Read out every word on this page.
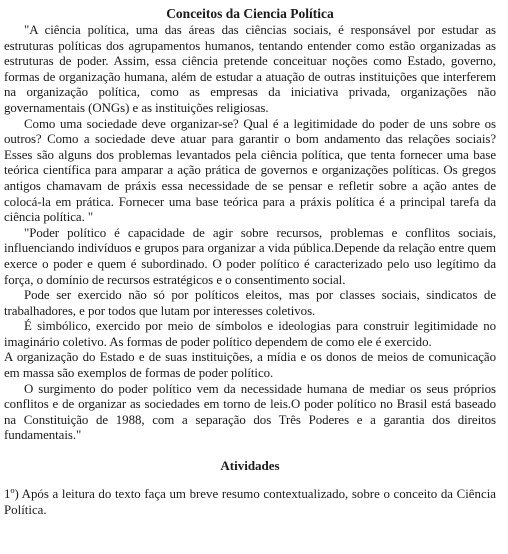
Conceitos da Ciencia Política

"A ciência política, uma das áreas das ciências sociais, é responsável por estudar as estruturas políticas dos agrupamentos humanos, tentando entender como estão organizadas as estruturas de poder. Assim, essa ciência pretende conceituar noções como Estado, governo, formas de organização humana, além de estudar a atuação de outras instituições que interferem na organização política, como as empresas da iniciativa privada, organizações não governamentais (ONGs) e as instituições religiosas.

Como uma sociedade deve organizar-se? Qual é a legitimidade do poder de uns sobre os outros? Como a sociedade deve atuar para garantir o bom andamento das relações sociais? Esses são alguns dos problemas levantados pela ciência política, que tenta fornecer uma base teórica científica para amparar a ação prática de governos e organizações políticas. Os gregos antigos chamavam de práxis essa necessidade de se pensar e refletir sobre a ação antes de colocá-la em prática. Fornecer uma base teórica para a práxis política é a principal tarefa da ciência política. "

"Poder político é capacidade de agir sobre recursos, problemas e conflitos sociais, influenciando indivíduos e grupos para organizar a vida pública.Depende da relação entre quem exerce o poder e quem é subordinado. O poder político é caracterizado pelo uso legítimo da força, o domínio de recursos estratégicos e o consentimento social.

Pode ser exercido não só por políticos eleitos, mas por classes sociais, sindicatos de trabalhadores, e por todos que lutam por interesses coletivos.

É simbólico, exercido por meio de símbolos e ideologias para construir legitimidade no imaginário coletivo. As formas de poder político dependem de como ele é exercido.

A organização do Estado e de suas instituições, a mídia e os donos de meios de comunicação em massa são exemplos de formas de poder político.

O surgimento do poder político vem da necessidade humana de mediar os seus próprios conflitos e de organizar as sociedades em torno de leis.O poder político no Brasil está baseado na Constituição de 1988, com a separação dos Três Poderes e a garantia dos direitos fundamentais."

Atividades

1º) Após a leitura do texto faça um breve resumo contextualizado, sobre o conceito da Ciência Política.
